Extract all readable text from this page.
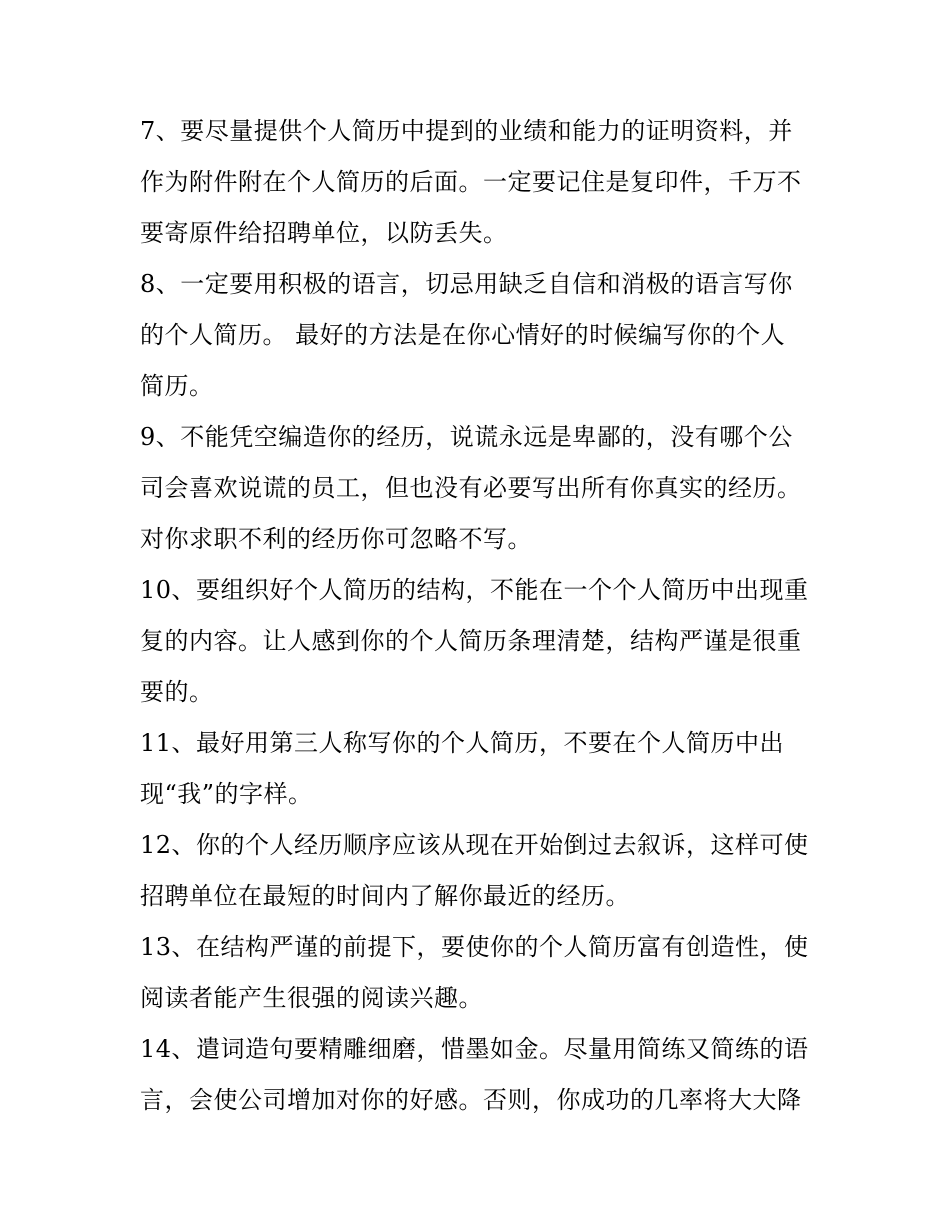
7、要尽量提供个人简历中提到的业绩和能力的证明资料，并
作为附件附在个人简历的后面。一定要记住是复印件，千万不
要寄原件给招聘单位，以防丢失。

8、一定要用积极的语言，切忌用缺乏自信和消极的语言写你
的个人简历。 最好的方法是在你心情好的时候编写你的个人
简历。

9、不能凭空编造你的经历，说谎永远是卑鄙的，没有哪个公
司会喜欢说谎的员工，但也没有必要写出所有你真实的经历。
对你求职不利的经历你可忽略不写。

10、要组织好个人简历的结构，不能在一个个人简历中出现重
复的内容。让人感到你的个人简历条理清楚，结构严谨是很重
要的。

11、最好用第三人称写你的个人简历，不要在个人简历中出
现“我”的字样。

12、你的个人经历顺序应该从现在开始倒过去叙诉，这样可使
招聘单位在最短的时间内了解你最近的经历。

13、在结构严谨的前提下，要使你的个人简历富有创造性，使
阅读者能产生很强的阅读兴趣。

14、遣词造句要精雕细磨，惜墨如金。尽量用简练又简练的语
言，会使公司增加对你的好感。否则，你成功的几率将大大降
